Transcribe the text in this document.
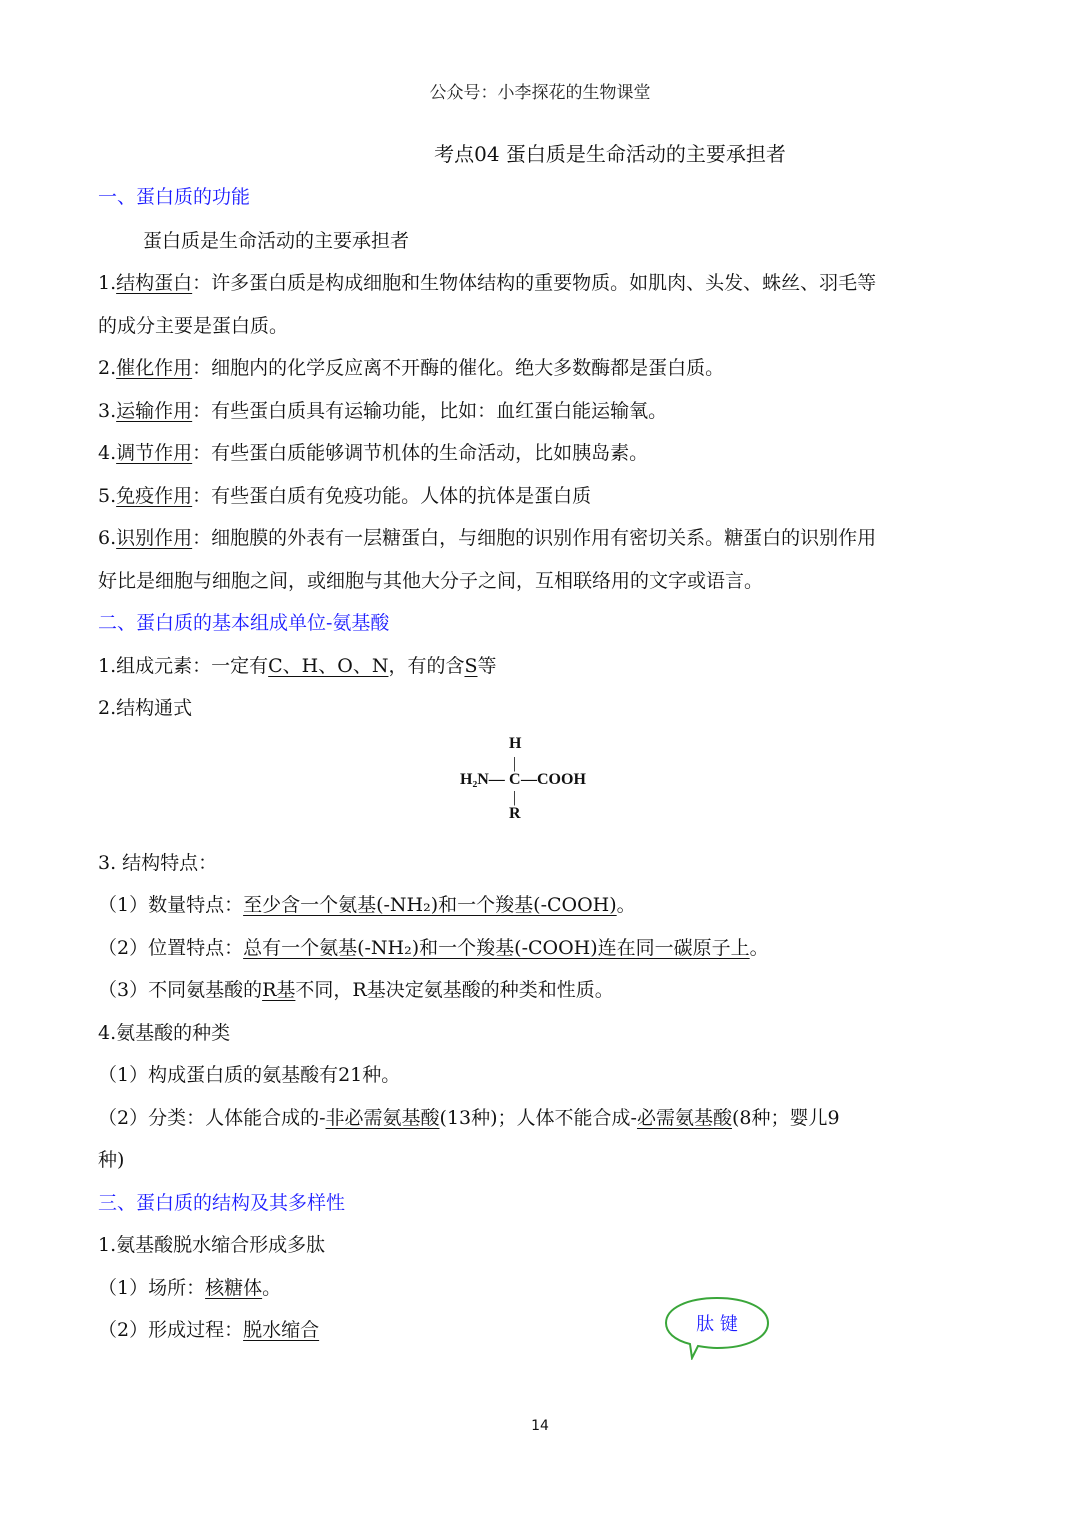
公众号：小李探花的生物课堂
考点04 蛋白质是生命活动的主要承担者
一、蛋白质的功能
蛋白质是生命活动的主要承担者
1.结构蛋白：许多蛋白质是构成细胞和生物体结构的重要物质。如肌肉、头发、蛛丝、羽毛等
的成分主要是蛋白质。
2.催化作用：细胞内的化学反应离不开酶的催化。绝大多数酶都是蛋白质。
3.运输作用：有些蛋白质具有运输功能，比如：血红蛋白能运输氧。
4.调节作用：有些蛋白质能够调节机体的生命活动，比如胰岛素。
5.免疫作用：有些蛋白质有免疫功能。人体的抗体是蛋白质
6.识别作用：细胞膜的外表有一层糖蛋白，与细胞的识别作用有密切关系。糖蛋白的识别作用
好比是细胞与细胞之间，或细胞与其他大分子之间，互相联络用的文字或语言。
二、蛋白质的基本组成单位-氨基酸
1.组成元素：一定有C、H、O、N，有的含S等
2.结构通式
H
|
H₂N— C —COOH
|
R
3. 结构特点：
（1）数量特点：至少含一个氨基(-NH₂)和一个羧基(-COOH)。
（2）位置特点：总有一个氨基(-NH₂)和一个羧基(-COOH)连在同一碳原子上。
（3）不同氨基酸的R基不同，R基决定氨基酸的种类和性质。
4.氨基酸的种类
（1）构成蛋白质的氨基酸有21种。
（2）分类：人体能合成的-非必需氨基酸(13种)；人体不能合成-必需氨基酸(8种；婴儿9
种)
三、蛋白质的结构及其多样性
1.氨基酸脱水缩合形成多肽
（1）场所：核糖体。
（2）形成过程：脱水缩合	肽 键
14
